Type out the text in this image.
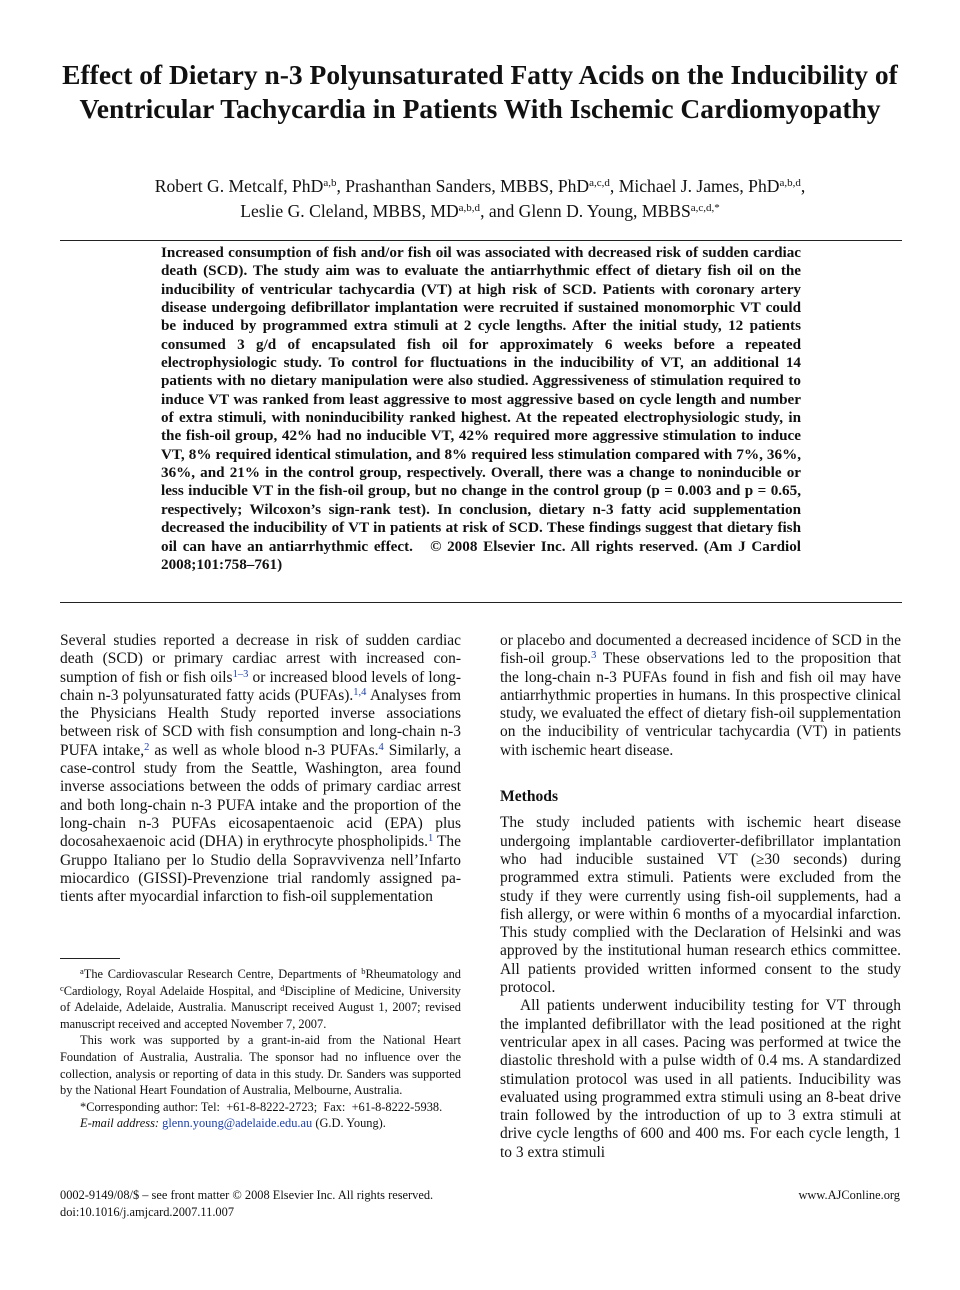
Effect of Dietary n-3 Polyunsaturated Fatty Acids on the Inducibility of Ventricular Tachycardia in Patients With Ischemic Cardiomyopathy
Robert G. Metcalf, PhD$^{a,b}$, Prashanthan Sanders, MBBS, PhD$^{a,c,d}$, Michael J. James, PhD$^{a,b,d}$,
Leslie G. Cleland, MBBS, MD$^{a,b,d}$, and Glenn D. Young, $MBBS^{a,c,d,*}$
Increased consumption of fish and/or fish oil was associated with decreased risk of sudden cardiac death (SCD). The study aim was to evaluate the antiarrhythmic effect of dietary fish oil on the inducibility of ventricular tachycardia (VT) at high risk of SCD. Patients with coronary artery disease undergoing defibrillator implantation were recruited if sustained monomorphic VT could be induced by programmed extra stimuli at 2 cycle lengths. After the initial study, 12 patients consumed 3 g/d of encapsulated fish oil for approximately 6 weeks before a repeated electrophysiologic study. To control for fluctuations in the inducibility of VT, an additional 14 patients with no dietary manipulation were also studied. Aggressiveness of stimulation required to induce VT was ranked from least aggressive to most aggressive based on cycle length and number of extra stimuli, with noninducibility ranked highest. At the repeated electrophysiologic study, in the fish-oil group, 42% had no inducible VT, 42% required more aggressive stimulation to induce VT, 8% required identical stimulation, and 8% required less stimulation compared with 7%, 36%, 36%, and 21% in the control group, respectively. Overall, there was a change to noninducible or less inducible VT in the fish-oil group, but no change in the control group (p = 0.003 and p = 0.65, respectively; Wilcoxon’s sign-rank test). In conclusion, dietary n-3 fatty acid supplementation decreased the inducibility of VT in patients at risk of SCD. These findings suggest that dietary fish oil can have an antiarrhythmic effect.   © 2008 Elsevier Inc. All rights reserved. (Am J Cardiol 2008;101:758–761)

Several studies reported a decrease in risk of sudden cardiac death (SCD) or primary cardiac arrest with increased consumption of fish or fish oils$^{1-3}$ or increased blood levels of long-chain n-3 polyunsaturated fatty acids (PUFAs).$^{1,4}$ Analyses from the Physicians Health Study reported inverse associations between risk of SCD with fish consumption and long-chain n-3 PUFA intake,$^2$ as well as whole blood n-3 PUFAs.$^4$ Similarly, a case-control study from the Seattle, Washington, area found inverse associations between the odds of primary cardiac arrest and both long-chain n-3 PUFA intake and the proportion of the long-chain n-3 PUFAs eicosapentaenoic acid (EPA) plus docosahexaenoic acid (DHA) in erythrocyte phospholipids.$^1$ The Gruppo Italiano per lo Studio della Sopravvivenza nell’Infarto miocardico (GISSI)-Prevenzione trial randomly assigned patients after myocardial infarction to fish-oil supplementation

or placebo and documented a decreased incidence of SCD in the fish-oil group.$^3$ These observations led to the proposition that the long-chain n-3 PUFAs found in fish and fish oil may have antiarrhythmic properties in humans. In this prospective clinical study, we evaluated the effect of dietary fish-oil supplementation on the inducibility of ventricular tachycardia (VT) in patients with ischemic heart disease.

Methods

The study included patients with ischemic heart disease undergoing implantable cardioverter-defibrillator implantation who had inducible sustained VT (≥30 seconds) during programmed extra stimuli. Patients were excluded from the study if they were currently using fish-oil supplements, had a fish allergy, or were within 6 months of a myocardial infarction. This study complied with the Declaration of Helsinki and was approved by the institutional human research ethics committee. All patients provided written informed consent to the study protocol.

All patients underwent inducibility testing for VT through the implanted defibrillator with the lead positioned at the right ventricular apex in all cases. Pacing was performed at twice the diastolic threshold with a pulse width of 0.4 ms. A standardized stimulation protocol was used in all patients. Inducibility was evaluated using programmed extra stimuli using an 8-beat drive train followed by the introduction of up to 3 extra stimuli at drive cycle lengths of 600 and 400 ms. For each cycle length, 1 to 3 extra stimuli

$^a$The Cardiovascular Research Centre, Departments of $^b$Rheumatology and $^c$Cardiology, Royal Adelaide Hospital, and $^d$Discipline of Medicine, University of Adelaide, Adelaide, Australia. Manuscript received August 1, 2007; revised manuscript received and accepted November 7, 2007.

This work was supported by a grant-in-aid from the National Heart Foundation of Australia, Australia. The sponsor had no influence over the collection, analysis or reporting of data in this study. Dr. Sanders was supported by the National Heart Foundation of Australia, Melbourne, Australia.

*Corresponding author: Tel:  +61-8-8222-2723;  Fax:  +61-8-8222-5938.

E-mail address: glenn.young@adelaide.edu.au (G.D. Young).

0002-9149/08/$ – see front matter © 2008 Elsevier Inc. All rights reserved.
doi:10.1016/j.amjcard.2007.11.007
www.AJConline.org
